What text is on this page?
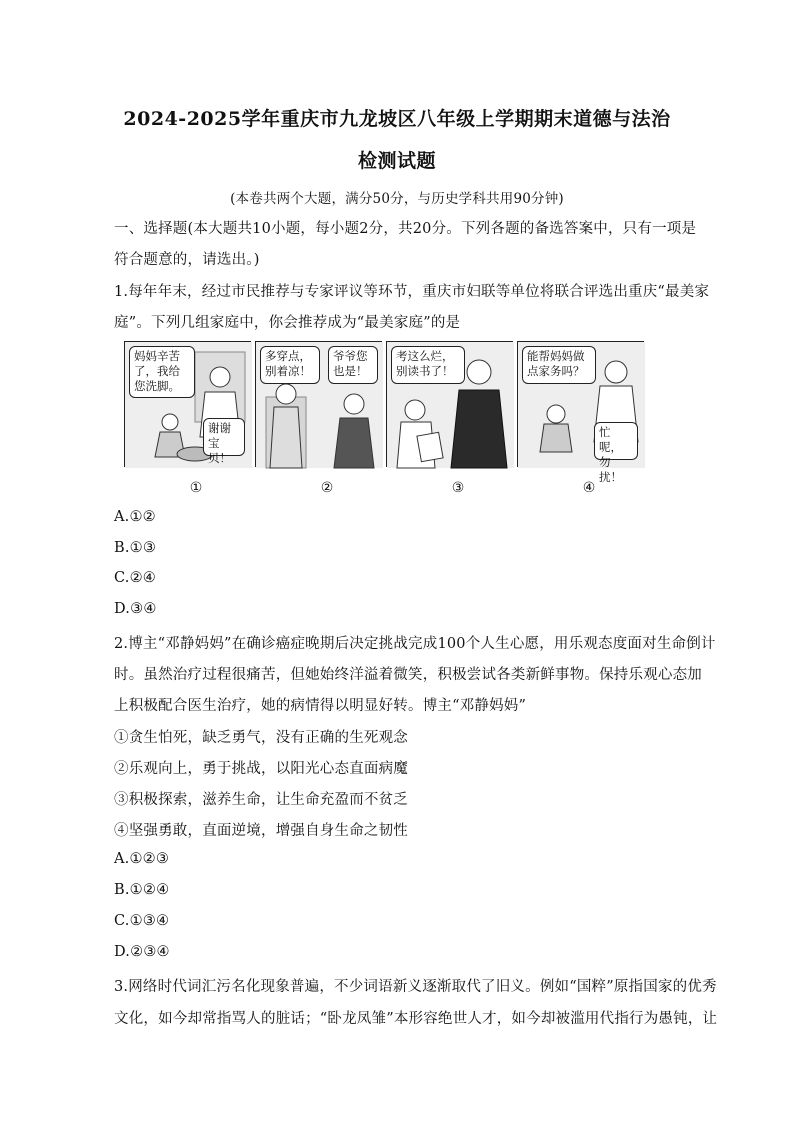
2024-2025学年重庆市九龙坡区八年级上学期期末道德与法治
检测试题
(本卷共两个大题，满分50分，与历史学科共用90分钟)
一、选择题(本大题共10小题，每小题2分，共20分。下列各题的备选答案中，只有一项是
符合题意的，请选出。)
1.每年年末，经过市民推荐与专家评议等环节，重庆市妇联等单位将联合评选出重庆“最美家
庭”。下列几组家庭中，你会推荐成为“最美家庭”的是
妈妈辛苦
了，我给
您洗脚。
谢谢
宝贝！
多穿点，
别着凉！
爷爷您
也是！
考这么烂，
别读书了！
能帮妈妈做
点家务吗？
忙呢，
勿扰！
①	②	③	④
A.①②
B.①③
C.②④
D.③④
2.博主“邓静妈妈”在确诊癌症晚期后决定挑战完成100个人生心愿，用乐观态度面对生命倒计
时。虽然治疗过程很痛苦，但她始终洋溢着微笑，积极尝试各类新鲜事物。保持乐观心态加
上积极配合医生治疗，她的病情得以明显好转。博主“邓静妈妈”
①贪生怕死，缺乏勇气，没有正确的生死观念
②乐观向上，勇于挑战，以阳光心态直面病魔
③积极探索，滋养生命，让生命充盈而不贫乏
④坚强勇敢，直面逆境，增强自身生命之韧性
A.①②③
B.①②④
C.①③④
D.②③④
3.网络时代词汇污名化现象普遍，不少词语新义逐渐取代了旧义。例如“国粹”原指国家的优秀
文化，如今却常指骂人的脏话；“卧龙凤雏”本形容绝世人才，如今却被滥用代指行为愚钝，让
